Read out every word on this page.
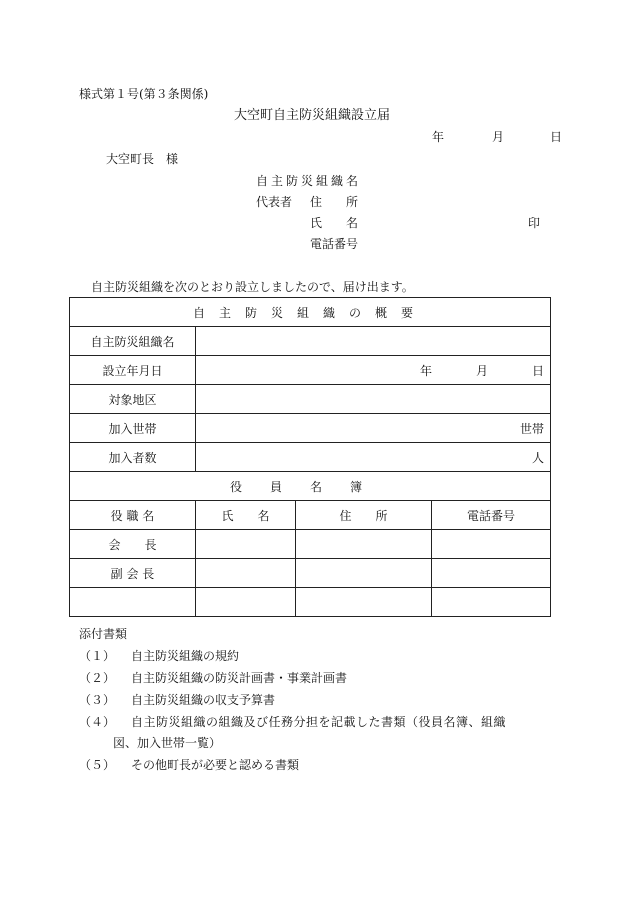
様式第１号(第３条関係)
大空町自主防災組織設立届
年	月	日
大空町長　様
自主防災組織名
代表者 住　　所
氏　　名	印
電話番号
自主防災組織を次のとおり設立しましたので、届け出ます。
自主防災組織の概要			
自主防災組織名			
設立年月日	年 月 日		
対象地区			
加入世帯	世帯		
加入者数	人		
役員名簿			
役 職 名	氏　　名	住　　所	電話番号
会　　長			
副 会 長			

添付書類
（１） 自主防災組織の規約
（２） 自主防災組織の防災計画書・事業計画書
（３） 自主防災組織の収支予算書
（４） 自主防災組織の組織及び任務分担を記載した書類（役員名簿、組織
図、加入世帯一覧）
（５） その他町長が必要と認める書類
